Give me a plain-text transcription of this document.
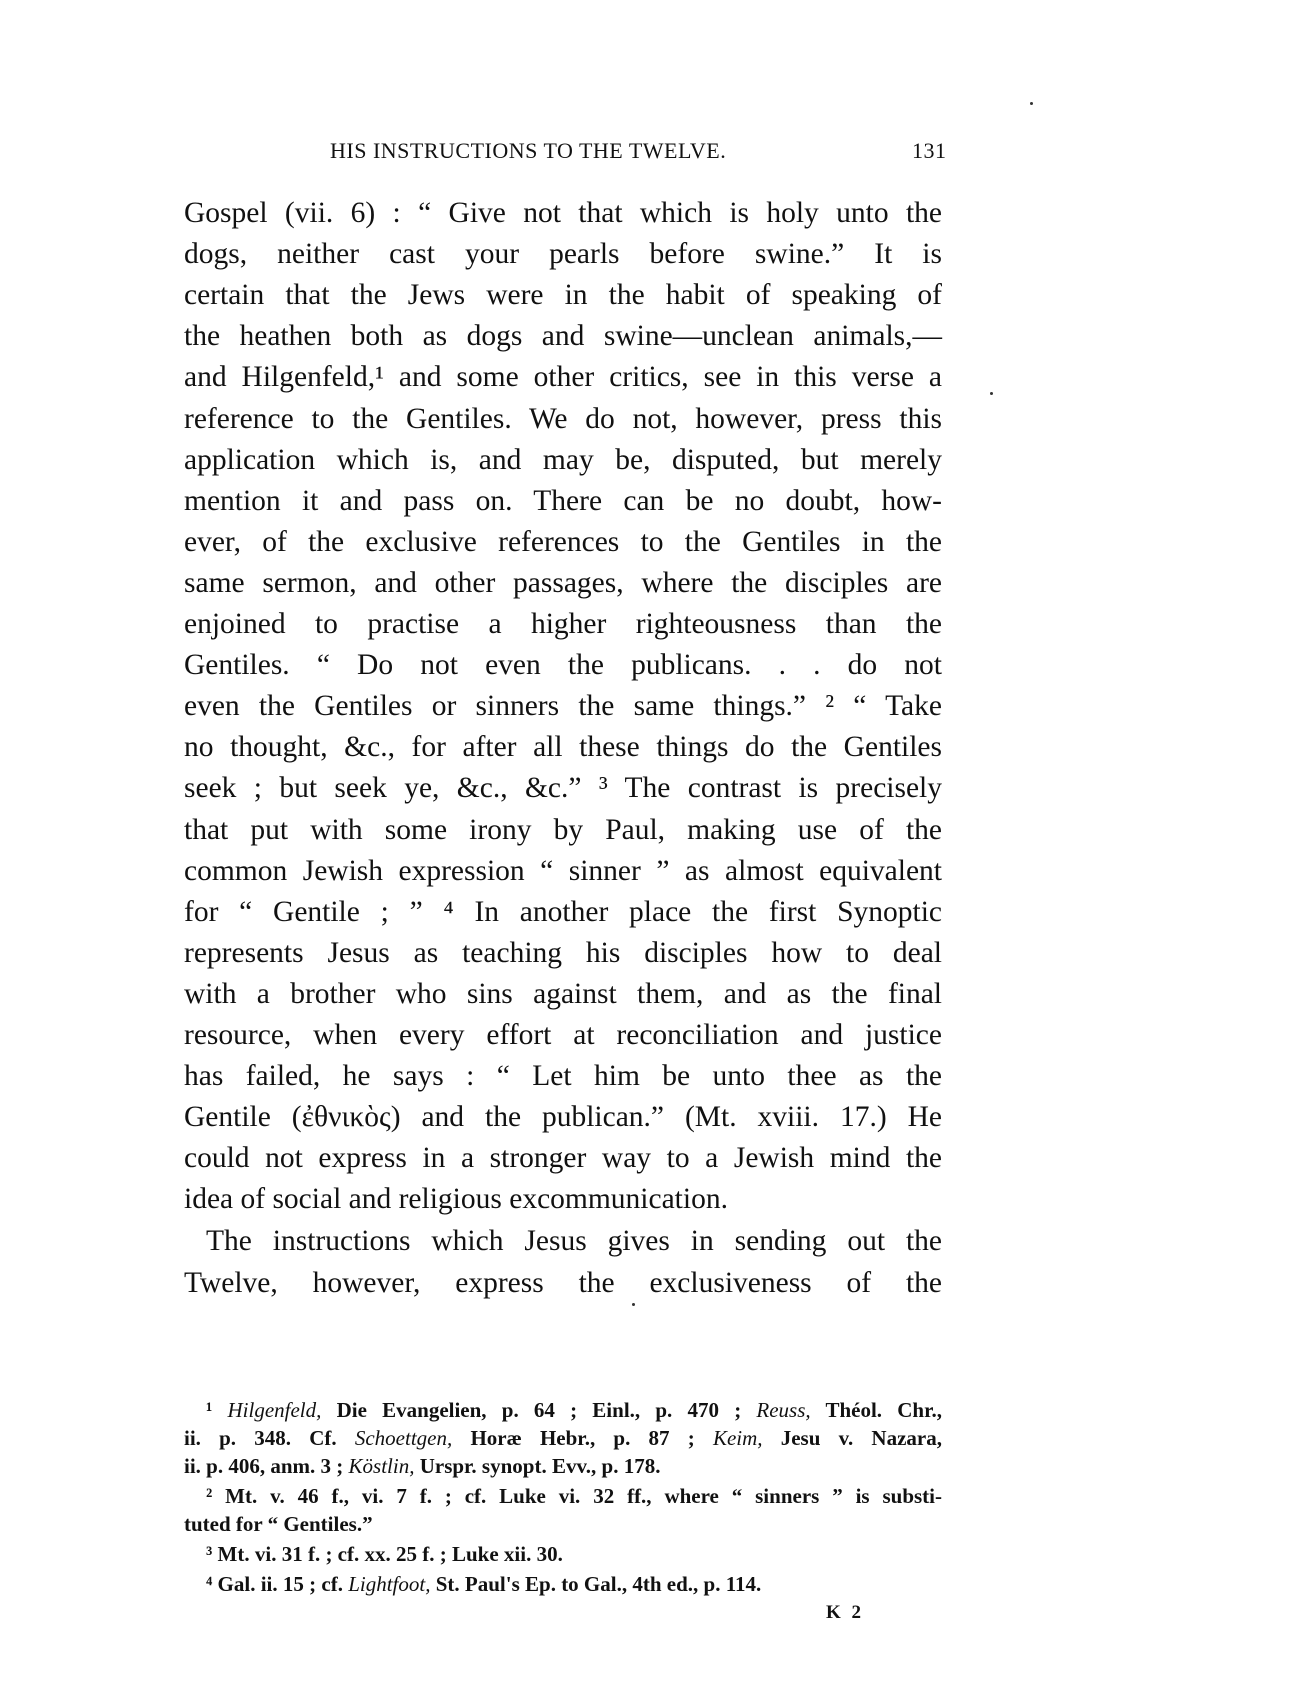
HIS INSTRUCTIONS TO THE TWELVE.	131
Gospel (vii. 6) : “ Give not that which is holy unto the
dogs, neither cast your pearls before swine.” It is
certain that the Jews were in the habit of speaking of
the heathen both as dogs and swine—unclean animals,—
and Hilgenfeld,¹ and some other critics, see in this verse a
reference to the Gentiles. We do not, however, press this
application which is, and may be, disputed, but merely
mention it and pass on. There can be no doubt, how-
ever, of the exclusive references to the Gentiles in the
same sermon, and other passages, where the disciples are
enjoined to practise a higher righteousness than the
Gentiles. “ Do not even the publicans. . . do not
even the Gentiles or sinners the same things.” ² “ Take
no thought, &c., for after all these things do the Gentiles
seek ; but seek ye, &c., &c.” ³ The contrast is precisely
that put with some irony by Paul, making use of the
common Jewish expression “ sinner ” as almost equivalent
for “ Gentile ; ” ⁴ In another place the first Synoptic
represents Jesus as teaching his disciples how to deal
with a brother who sins against them, and as the final
resource, when every effort at reconciliation and justice
has failed, he says : “ Let him be unto thee as the
Gentile (ἐθνικὸς) and the publican.” (Mt. xviii. 17.) He
could not express in a stronger way to a Jewish mind the
idea of social and religious excommunication.
The instructions which Jesus gives in sending out the
Twelve, however, express the exclusiveness of the
¹ Hilgenfeld, Die Evangelien, p. 64 ; Einl., p. 470 ; Reuss, Théol. Chr.,
ii. p. 348. Cf. Schoettgen, Horæ Hebr., p. 87 ; Keim, Jesu v. Nazara,
ii. p. 406, anm. 3 ; Köstlin, Urspr. synopt. Evv., p. 178.
² Mt. v. 46 f., vi. 7 f. ; cf. Luke vi. 32 ff., where “ sinners ” is substi-
tuted for “ Gentiles.”
³ Mt. vi. 31 f. ; cf. xx. 25 f. ; Luke xii. 30.
⁴ Gal. ii. 15 ; cf. Lightfoot, St. Paul's Ep. to Gal., 4th ed., p. 114.
K 2
